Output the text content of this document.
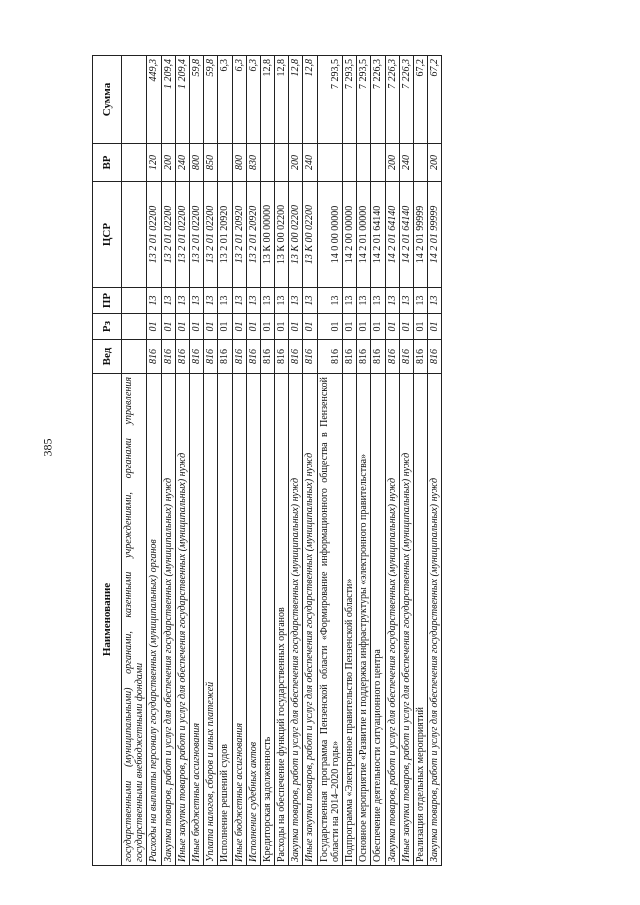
385
Наименование	Вед	Рз	ПР	ЦСР	ВР	Сумма
государственными (муниципальными) органами, казенными учреждениями, органами управления государственными внебюджетными фондами						
Расходы на выплаты персоналу государственных (муниципальных) органов	816	01	13	13 2 01 02200	120	449,3
Закупка товаров, работ и услуг для обеспечения государственных (муниципальных) нужд	816	01	13	13 2 01 02200	200	1 209,4
Иные закупки товаров, работ и услуг для обеспечения государственных (муниципальных) нужд	816	01	13	13 2 01 02200	240	1 209,4
Иные бюджетные ассигнования	816	01	13	13 2 01 02200	800	59,8
Уплата налогов, сборов и иных платежей	816	01	13	13 2 01 02200	850	59,8
Исполнение решений судов	816	01	13	13 2 01 20920		6,3
Иные бюджетные ассигнования	816	01	13	13 2 01 20920	800	6,3
Исполнение судебных актов	816	01	13	13 2 01 20920	830	6,3
Кредиторская задолженность	816	01	13	13 К 00 00000		12,8
Расходы на обеспечение функций государственных органов	816	01	13	13 К 00 02200		12,8
Закупка товаров, работ и услуг для обеспечения государственных (муниципальных) нужд	816	01	13	13 К 00 02200	200	12,8
Иные закупки товаров, работ и услуг для обеспечения государственных (муниципальных) нужд	816	01	13	13 К 00 02200	240	12,8
Государственная программа Пензенской области «Формирование информационного общества в Пензенской области на 2014–2020 годы»	816	01	13	14 0 00 00000		7 293,5
Подпрограмма «Электронное правительство Пензенской области»	816	01	13	14 2 00 00000		7 293,5
Основное мероприятие «Развитие и поддержка инфраструктуры «электронного правительства»	816	01	13	14 2 01 00000		7 293,5
Обеспечение деятельности ситуационного центра	816	01	13	14 2 01 64140		7 226,3
Закупка товаров, работ и услуг для обеспечения государственных (муниципальных) нужд	816	01	13	14 2 01 64140	200	7 226,3
Иные закупки товаров, работ и услуг для обеспечения государственных (муниципальных) нужд	816	01	13	14 2 01 64140	240	7 226,3
Реализация отдельных мероприятий	816	01	13	14 2 01 99999		67,2
Закупка товаров, работ и услуг для обеспечения государственных (муниципальных) нужд	816	01	13	14 2 01 99999	200	67,2
